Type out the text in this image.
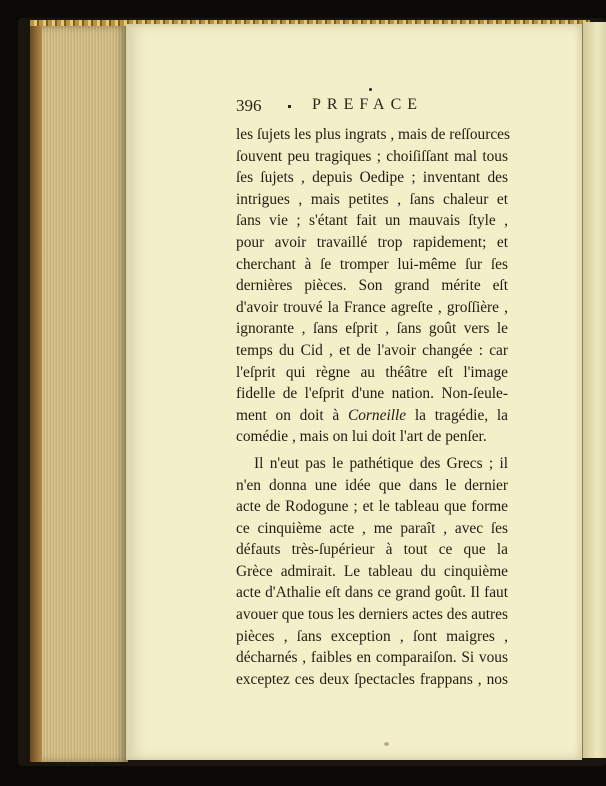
396	PREFACE
les ſujets les plus ingrats , mais de reſſources
ſouvent peu tragiques ; choiſiſſant mal tous
ſes ſujets , depuis Oedipe ; inventant des
intrigues , mais petites , ſans chaleur et
ſans vie ; s'étant fait un mauvais ſtyle ,
pour avoir travaillé trop rapidement; et
cherchant à ſe tromper lui-même ſur ſes
dernières pièces. Son grand mérite eſt
d'avoir trouvé la France agreſte , groſſière ,
ignorante , ſans eſprit , ſans goût vers le
temps du Cid , et de l'avoir changée : car
l'eſprit qui règne au théâtre eſt l'image
fidelle de l'eſprit d'une nation. Non-ſeule-
ment on doit à Corneille la tragédie, la
comédie , mais on lui doit l'art de penſer.
Il n'eut pas le pathétique des Grecs ; il
n'en donna une idée que dans le dernier
acte de Rodogune ; et le tableau que forme
ce cinquième acte , me paraît , avec ſes
défauts très-ſupérieur à tout ce que la
Grèce admirait. Le tableau du cinquième
acte d'Athalie eſt dans ce grand goût. Il faut
avouer que tous les derniers actes des autres
pièces , ſans exception , ſont maigres ,
décharnés , faibles en comparaiſon. Si vous
exceptez ces deux ſpectacles frappans , nos
